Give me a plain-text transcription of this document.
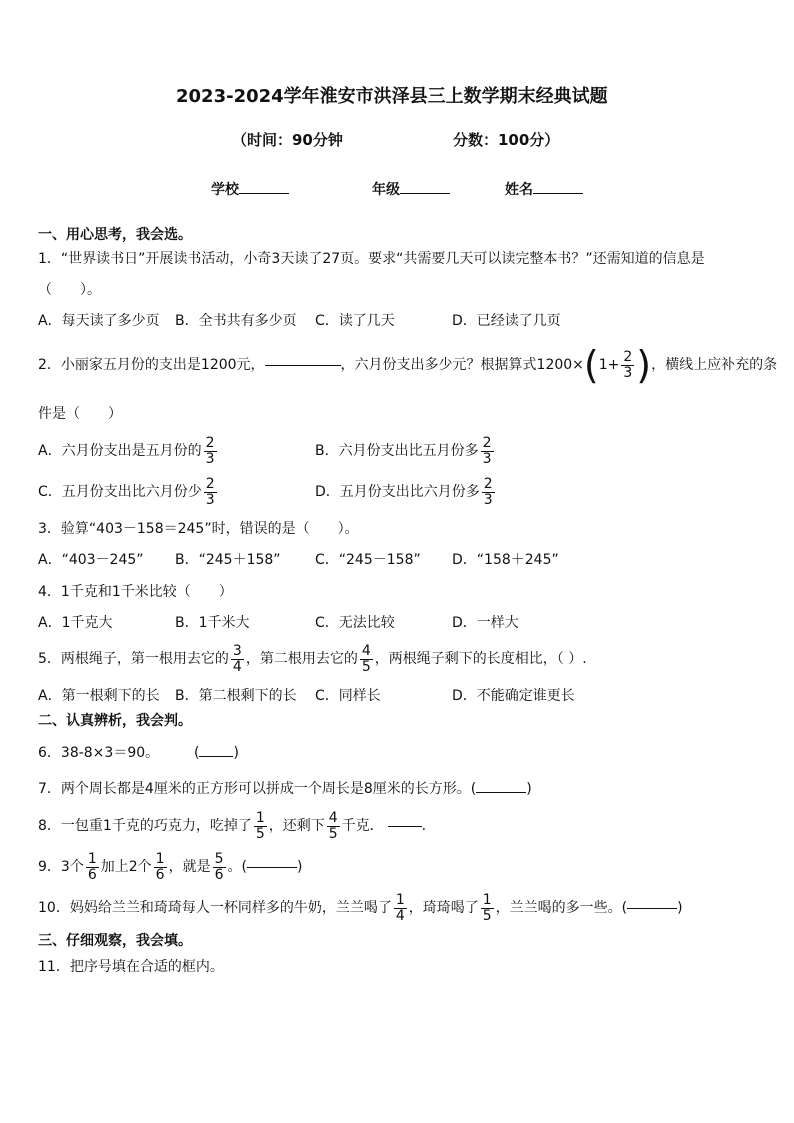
2023-2024学年淮安市洪泽县三上数学期末经典试题
（时间：90分钟	分数：100分）
学校	年级	姓名
一、用心思考，我会选。
1．“世界读书日”开展读书活动，小奇3天读了27页。要求“共需要几天可以读完整本书？”还需知道的信息是
（　　）。
A．每天读了多少页 B．全书共有多少页 C．读了几天	D．已经读了几页
2．小丽家五月份的支出是1200元，	，六月份支出多少元？根据算式 1200× ( $1+ \frac{2}{3}$ ) ，横线上应补充的条
件是（　　）
A．六月份支出是五月份的 $\frac{2}{3}$	B．六月份支出比五月份多 $\frac{2}{3}$
C．五月份支出比六月份少 $\frac{2}{3}$	D．五月份支出比六月份多 $\frac{2}{3}$
3．验算“403－158＝245”时，错误的是（　　）。
A．“403－245” B．“245＋158” C．“245－158” D．“158＋245”
4．1千克和1千米比较（　　）
A．1千克大	B．1千米大	C．无法比较	D．一样大
5．两根绳子，第一根用去它的 $\frac{3}{4}$ ，第二根用去它的 $\frac{4}{5}$ ，两根绳子剩下的长度相比，（ ）.
A．第一根剩下的长 B．第二根剩下的长 C．同样长	D．不能确定谁更长
二、认真辨析，我会判。
6．38-8×3＝90。 ( )
7．两个周长都是4厘米的正方形可以拼成一个周长是8厘米的长方形。(	)
8．一包重1千克的巧克力，吃掉了 $\frac{1}{5}$ ，还剩下 $\frac{4}{5}$ 千克．	.
9．3个 $\frac{1}{6}$ 加上2个 $\frac{1}{6}$ ，就是 $\frac{5}{6}$ 。(	)
10．妈妈给兰兰和琦琦每人一杯同样多的牛奶，兰兰喝了 $\frac{1}{4}$ ，琦琦喝了 $\frac{1}{5}$ ，兰兰喝的多一些。(	)
三、仔细观察，我会填。
11．把序号填在合适的框内。
